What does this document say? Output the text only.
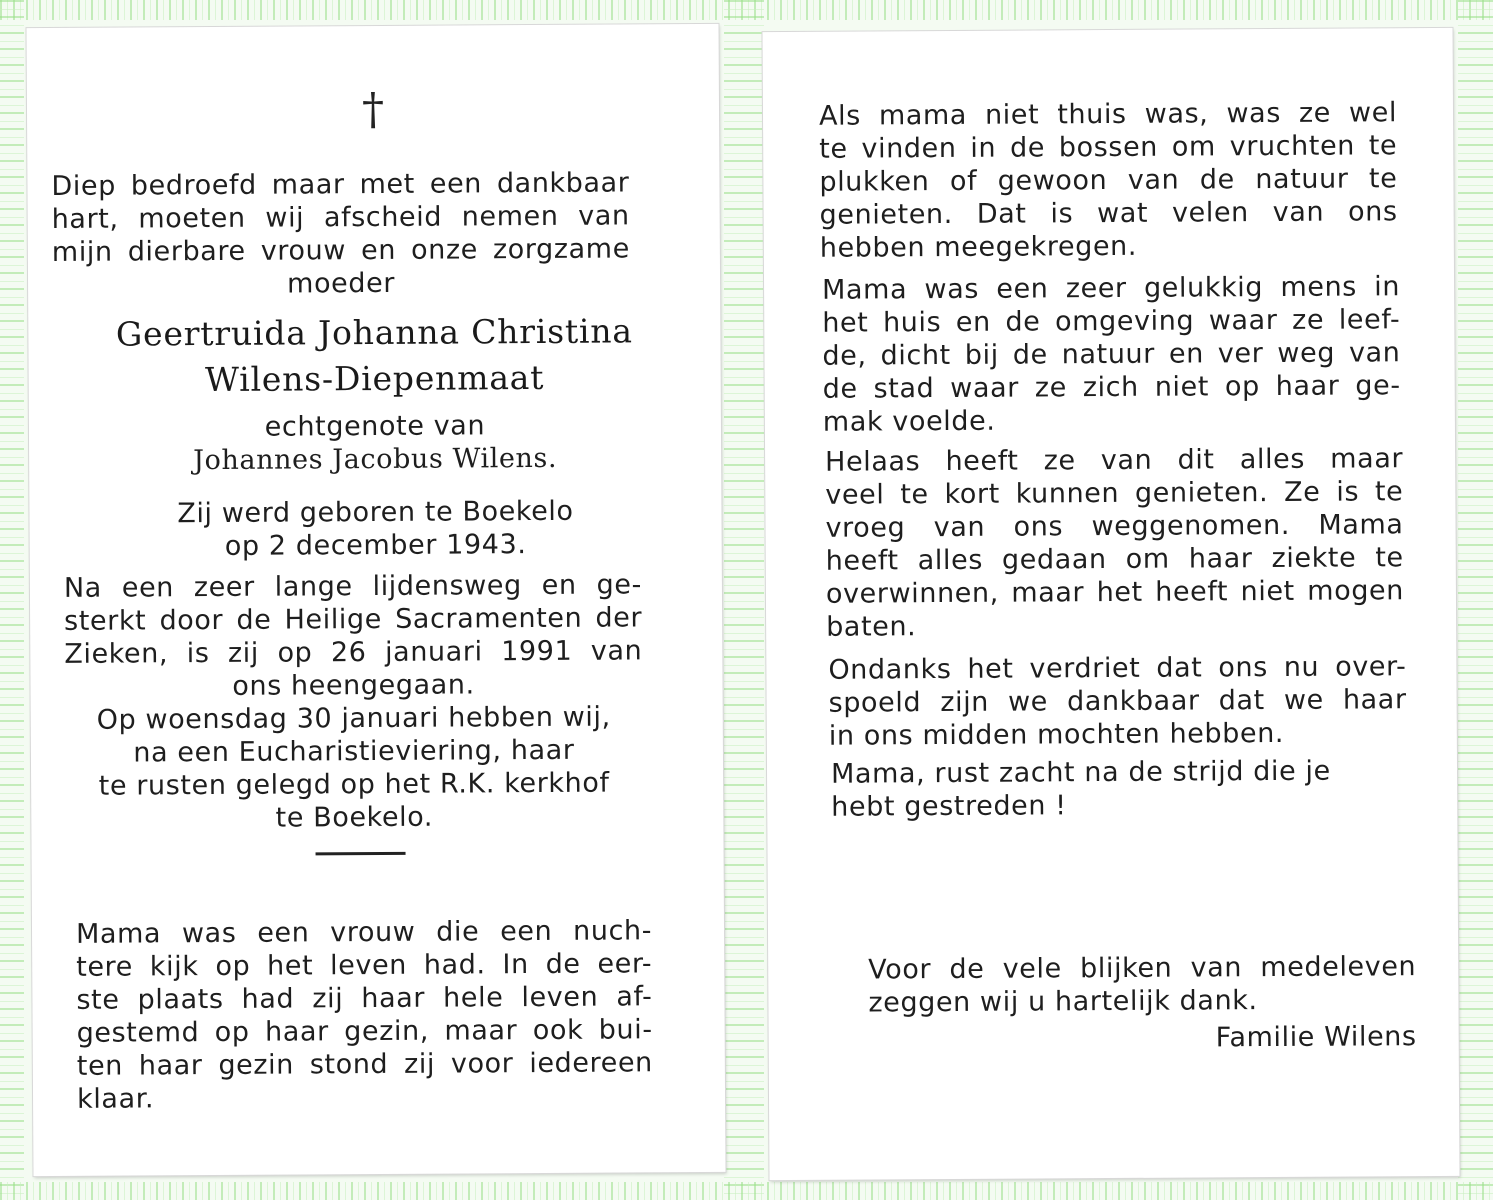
†
Diep bedroefd maar met een dankbaar
hart, moeten wij afscheid nemen van
mijn dierbare vrouw en onze zorgzame
moeder
Geertruida Johanna Christina
Wilens-Diepenmaat
echtgenote van
Johannes Jacobus Wilens.
Zij werd geboren te Boekelo
op 2 december 1943.
Na een zeer lange lijdensweg en ge-
sterkt door de Heilige Sacramenten der
Zieken, is zij op 26 januari 1991 van
ons heengegaan.
Op woensdag 30 januari hebben wij,
na een Eucharistieviering, haar
te rusten gelegd op het R.K. kerkhof
te Boekelo.
Mama was een vrouw die een nuch-
tere kijk op het leven had. In de eer-
ste plaats had zij haar hele leven af-
gestemd op haar gezin, maar ook bui-
ten haar gezin stond zij voor iedereen
klaar.
Als mama niet thuis was, was ze wel
te vinden in de bossen om vruchten te
plukken of gewoon van de natuur te
genieten. Dat is wat velen van ons
hebben meegekregen.
Mama was een zeer gelukkig mens in
het huis en de omgeving waar ze leef-
de, dicht bij de natuur en ver weg van
de stad waar ze zich niet op haar ge-
mak voelde.
Helaas heeft ze van dit alles maar
veel te kort kunnen genieten. Ze is te
vroeg van ons weggenomen. Mama
heeft alles gedaan om haar ziekte te
overwinnen, maar het heeft niet mogen
baten.
Ondanks het verdriet dat ons nu over-
spoeld zijn we dankbaar dat we haar
in ons midden mochten hebben.
Mama, rust zacht na de strijd die je
hebt gestreden !
Voor de vele blijken van medeleven
zeggen wij u hartelijk dank.
Familie Wilens
